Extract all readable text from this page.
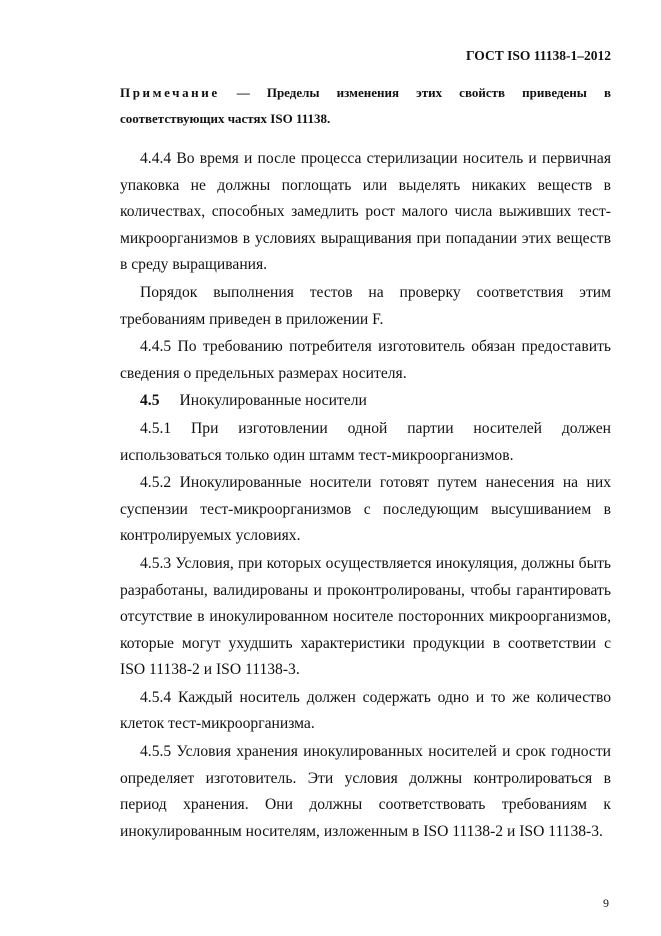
ГОСТ ISO 11138-1–2012
Примечание — Пределы изменения этих свойств приведены в соответствующих частях ISO 11138.

4.4.4 Во время и после процесса стерилизации носитель и первичная упаковка не должны поглощать или выделять никаких веществ в количествах, способных замедлить рост малого числа выживших тест-микроорганизмов в условиях выращивания при попадании этих веществ в среду выращивания.

Порядок выполнения тестов на проверку соответствия этим требованиям приведен в приложении F.

4.4.5 По требованию потребителя изготовитель обязан предоставить сведения о предельных размерах носителя.

4.5 Инокулированные носители

4.5.1 При изготовлении одной партии носителей должен использоваться только один штамм тест-микроорганизмов.

4.5.2 Инокулированные носители готовят путем нанесения на них суспензии тест-микроорганизмов с последующим высушиванием в контролируемых условиях.

4.5.3 Условия, при которых осуществляется инокуляция, должны быть разработаны, валидированы и проконтролированы, чтобы гарантировать отсутствие в инокулированном носителе посторонних микроорганизмов, которые могут ухудшить характеристики продукции в соответствии с ISO 11138-2 и ISO 11138-3.

4.5.4 Каждый носитель должен содержать одно и то же количество клеток тест-микроорганизма.

4.5.5 Условия хранения инокулированных носителей и срок годности определяет изготовитель. Эти условия должны контролироваться в период хранения. Они должны соответствовать требованиям к инокулированным носителям, изложенным в ISO 11138-2 и ISO 11138-3.

9
